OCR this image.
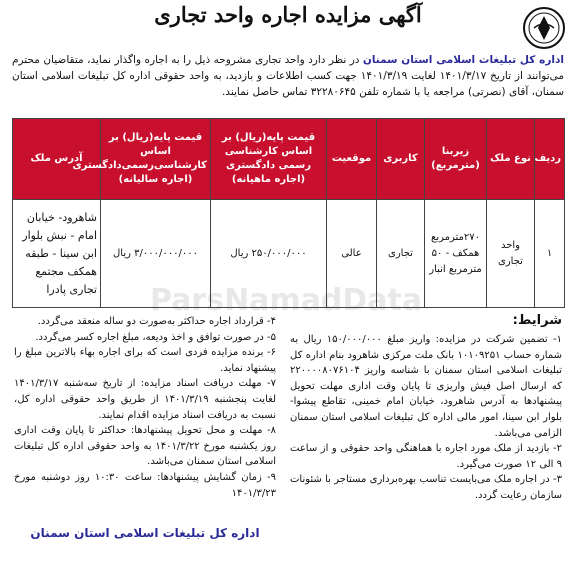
آگهی مزایده اجاره واحد تجاری
اداره کل تبلیغات اسلامی استان سمنان در نظر دارد واحد تجاری مشروحه ذیل را به اجاره واگذار نماید، متقاضیان محترم می‌توانند از تاریخ ۱۴۰۱/۳/۱۷ لغایت ۱۴۰۱/۳/۱۹ جهت کسب اطلاعات و بازدید، به واحد حقوقی اداره کل تبلیغات اسلامی استان سمنان، آقای (نصرتی) مراجعه یا با شماره تلفن ۳۲۲۸۰۶۴۵ تماس حاصل نمایند.
ParsNamadData
ردیف	نوع ملک	زیربنا (مترمربع)	کاربری	موقعیت	قیمت پایه(ریال) بر اساس کارشناسی رسمی دادگستری (اجاره ماهیانه)	قیمت پایه(ریال) بر اساس کارشناسی‌رسمی‌دادگستری (اجاره سالیانه)	آدرس ملک
۱	واحد تجاری	۲۷۰مترمربع همکف - ۵۰ مترمربع انبار	تجاری	عالی	۲۵۰/۰۰۰/۰۰۰ ریال	۳/۰۰۰/۰۰۰/۰۰۰ ریال	شاهرود- خیابان امام - نبش بلوار ابن سینا - طبقه همکف مجتمع تجاری پادرا
شرایط:

۱- تضمین شرکت در مزایده: واریز مبلغ ۱۵۰/۰۰۰/۰۰۰ ریال به شماره حساب ۱۰۱۰۹۲۵۱ بانک ملت مرکزی شاهرود بنام اداره کل تبلیغات اسلامی استان سمنان با شناسه واریز ۲۲۰۰۰۰۸۰۷۶۱۰۴ که ارسال اصل فیش واریزی تا پایان وقت اداری مهلت تحویل پیشنهادها به آدرس شاهرود، خیابان امام خمینی، تقاطع پیشوا- بلوار ابن سینا، امور مالی اداره کل تبلیغات اسلامی استان سمنان الزامی می‌باشد.

۲- بازدید از ملک مورد اجاره با هماهنگی واحد حقوقی و از ساعت ۹ الی ۱۲ صورت می‌گیرد.

۳- در اجاره ملک می‌بایست تناسب بهره‌برداری مستاجر با شئونات سازمان رعایت گردد.

۴- قرارداد اجاره حداکثر به‌صورت دو ساله منعقد می‌گردد.

۵- در صورت توافق و اخذ ودیعه، مبلغ اجاره کسر می‌گردد.

۶- برنده مزایده فردی است که برای اجاره بهاء بالاترین مبلغ را پیشنهاد نماید.

۷- مهلت دریافت اسناد مزایده: از تاریخ سه‌شنبه ۱۴۰۱/۳/۱۷ لغایت پنجشنبه ۱۴۰۱/۳/۱۹ از طریق واحد حقوقی اداره کل، نسبت به دریافت اسناد مزایده اقدام نمایند.

۸- مهلت و محل تحویل پیشنهادها: حداکثر تا پایان وقت اداری روز یکشنبه مورخ ۱۴۰۱/۳/۲۲ به واحد حقوقی اداره کل تبلیغات اسلامی استان سمنان می‌باشد.

۹- زمان گشایش پیشنهادها: ساعت ۱۰:۳۰ روز دوشنبه مورخ ۱۴۰۱/۳/۲۳

اداره کل تبلیغات اسلامی استان سمنان
